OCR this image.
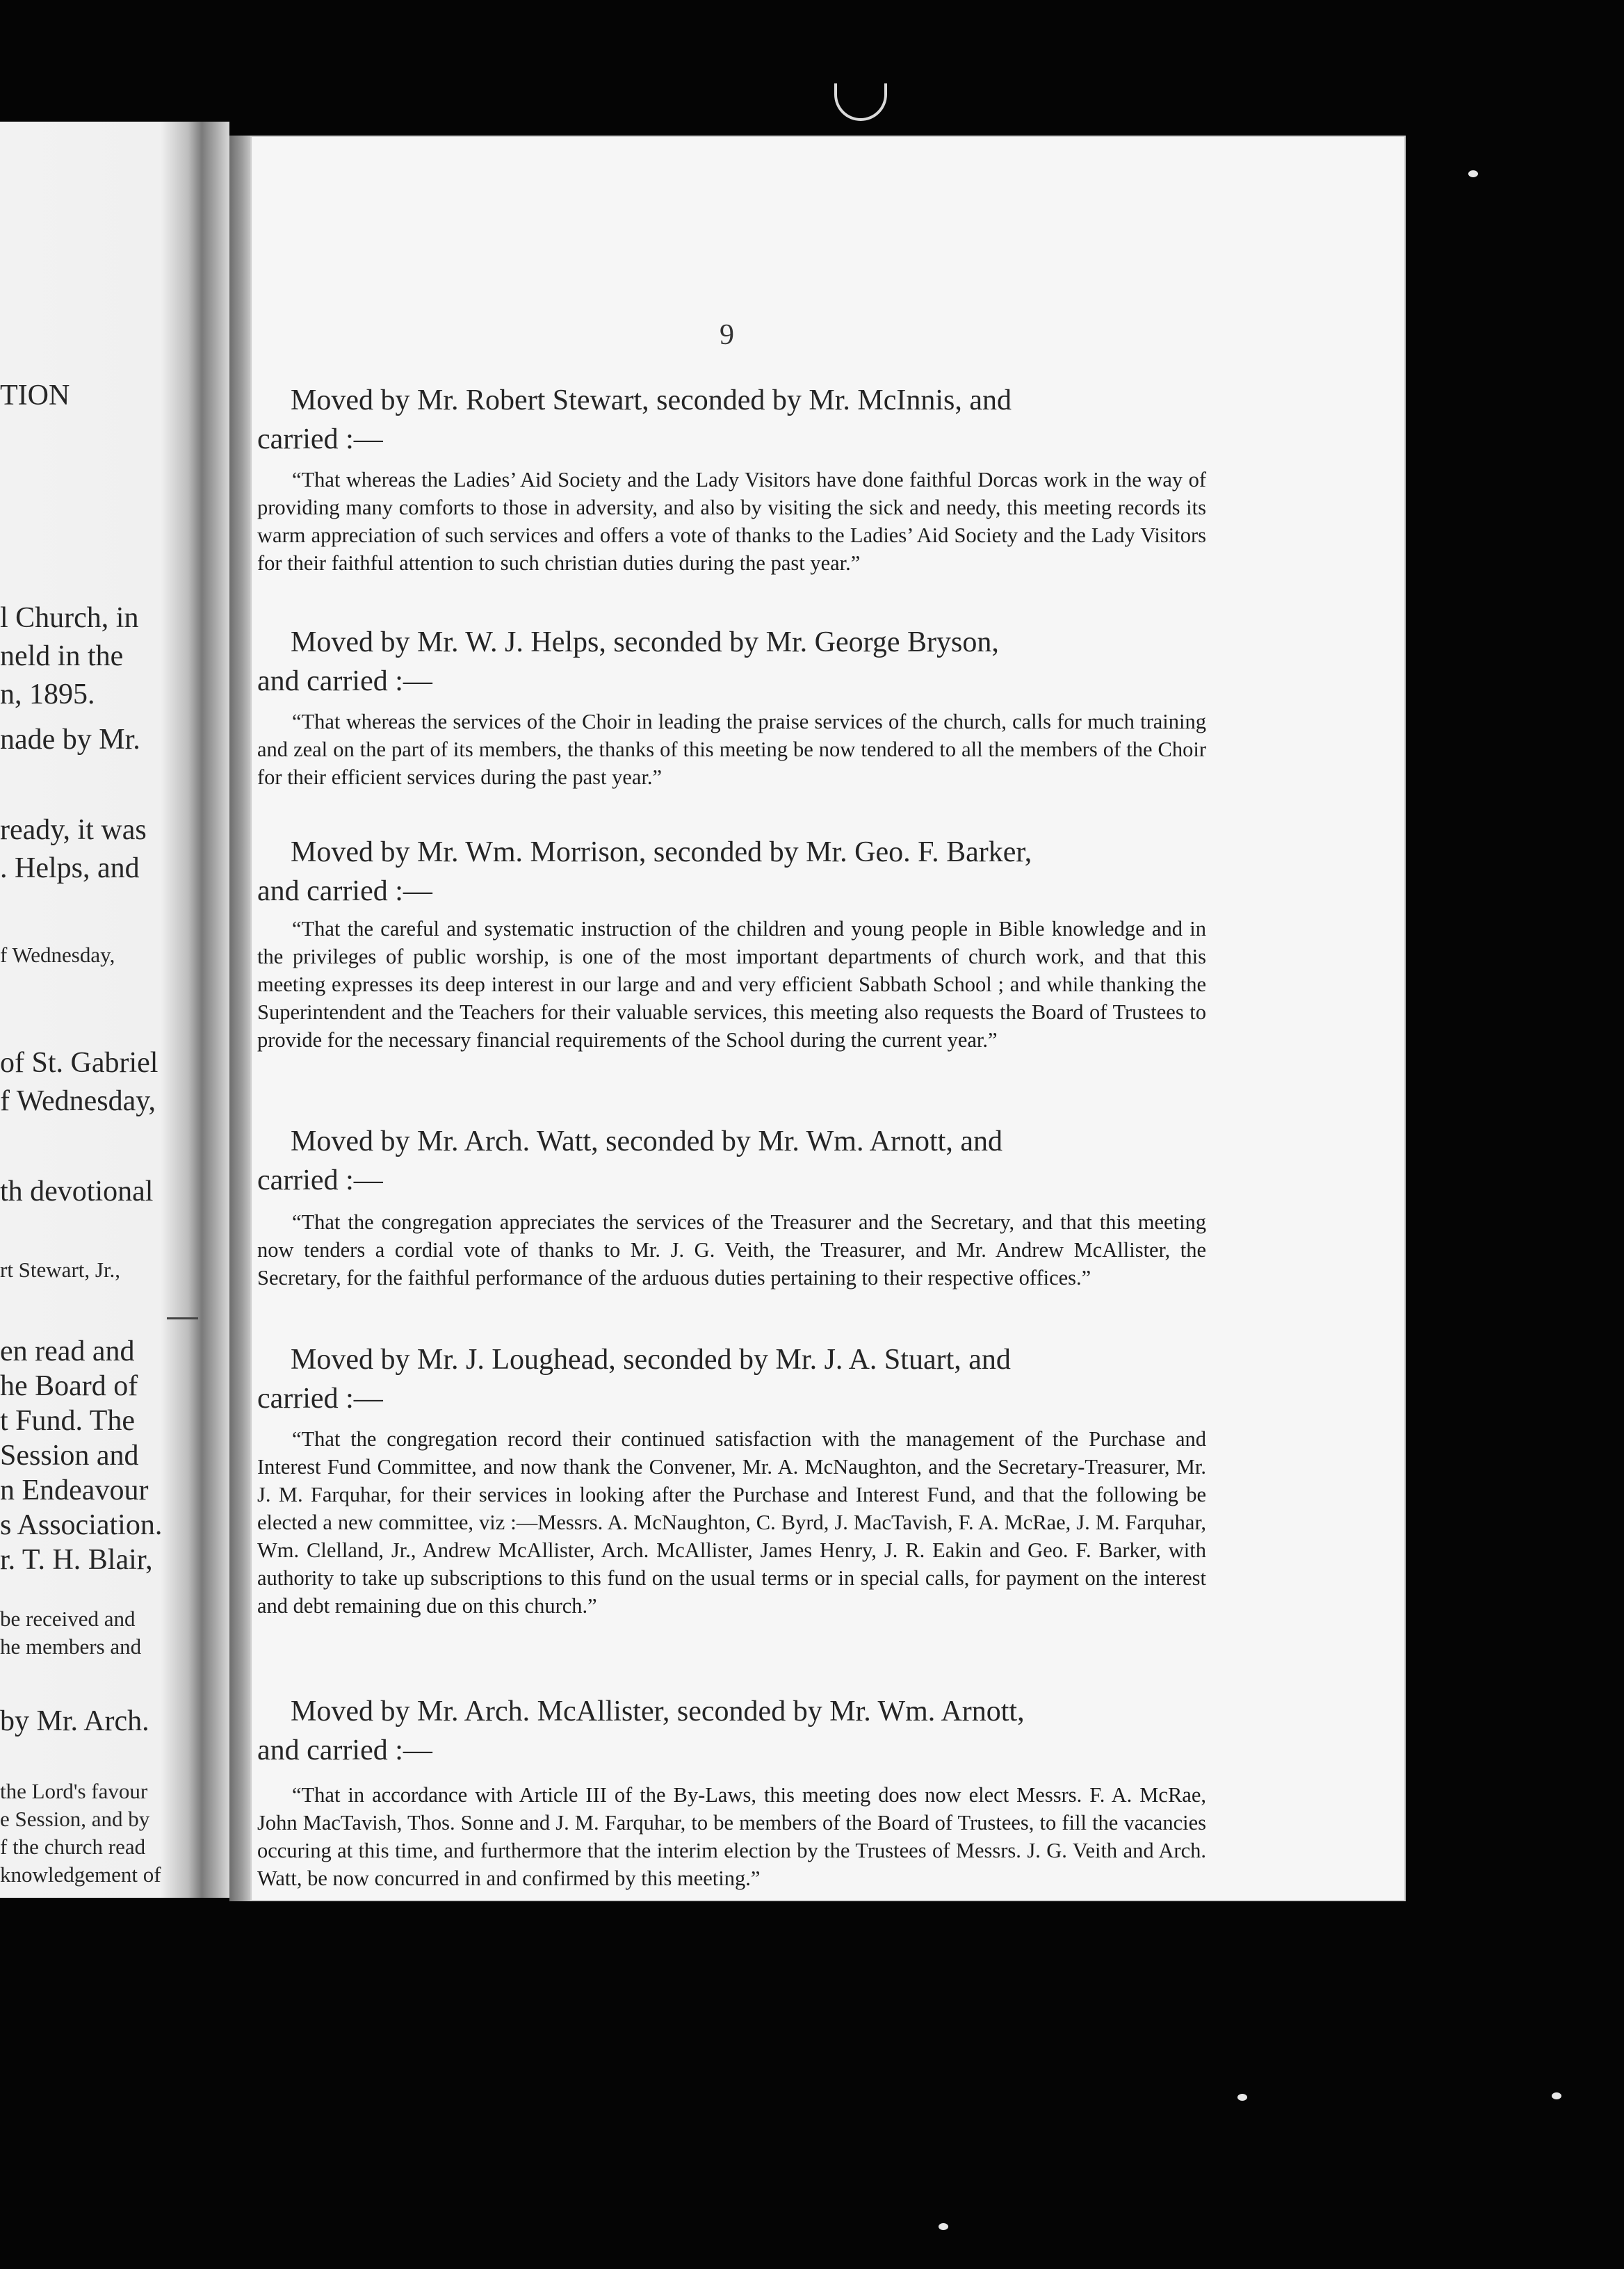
TION
l Church, in
neld in the
n, 1895.
nade by Mr.
ready, it was
. Helps, and
f Wednesday,
of St. Gabriel
f Wednesday,
th devotional
rt Stewart, Jr.,
en read and
he Board of
t Fund. The
Session and
n Endeavour
s Association.
r. T. H. Blair,
be received and
he members and
by Mr. Arch.
the Lord's favour
e Session, and by
f the church read
knowledgement of
9
Moved by Mr. Robert Stewart, seconded by Mr. McInnis, and
carried :—
“That whereas the Ladies’ Aid Society and the Lady Visitors have done faithful Dorcas work in the way of providing many comforts to those in adversity, and also by visiting the sick and needy, this meeting records its warm appreciation of such services and offers a vote of thanks to the Ladies’ Aid Society and the Lady Visitors for their faithful attention to such christian duties during the past year.”
Moved by Mr. W. J. Helps, seconded by Mr. George Bryson,
and carried :—
“That whereas the services of the Choir in leading the praise services of the church, calls for much training and zeal on the part of its members, the thanks of this meeting be now tendered to all the members of the Choir for their efficient services during the past year.”
Moved by Mr. Wm. Morrison, seconded by Mr. Geo. F. Barker,
and carried :—
“That the careful and systematic instruction of the children and young people in Bible knowledge and in the privileges of public worship, is one of the most important departments of church work, and that this meeting expresses its deep interest in our large and and very efficient Sabbath School ; and while thanking the Superintendent and the Teachers for their valuable services, this meeting also requests the Board of Trustees to provide for the necessary financial requirements of the School during the current year.”
Moved by Mr. Arch. Watt, seconded by Mr. Wm. Arnott, and
carried :—
“That the congregation appreciates the services of the Treasurer and the Secretary, and that this meeting now tenders a cordial vote of thanks to Mr. J. G. Veith, the Treasurer, and Mr. Andrew McAllister, the Secretary, for the faithful performance of the arduous duties pertaining to their respective offices.”
Moved by Mr. J. Loughead, seconded by Mr. J. A. Stuart, and
carried :—
“That the congregation record their continued satisfaction with the management of the Purchase and Interest Fund Committee, and now thank the Convener, Mr. A. McNaughton, and the Secretary-Treasurer, Mr. J. M. Farquhar, for their services in looking after the Purchase and Interest Fund, and that the following be elected a new committee, viz :—Messrs. A. McNaughton, C. Byrd, J. MacTavish, F. A. McRae, J. M. Farquhar, Wm. Clelland, Jr., Andrew McAllister, Arch. McAllister, James Henry, J. R. Eakin and Geo. F. Barker, with authority to take up subscriptions to this fund on the usual terms or in special calls, for payment on the interest and debt remaining due on this church.”
Moved by Mr. Arch. McAllister, seconded by Mr. Wm. Arnott,
and carried :—
“That in accordance with Article III of the By-Laws, this meeting does now elect Messrs. F. A. McRae, John MacTavish, Thos. Sonne and J. M. Farquhar, to be members of the Board of Trustees, to fill the vacancies occuring at this time, and furthermore that the interim election by the Trustees of Messrs. J. G. Veith and Arch. Watt, be now concurred in and confirmed by this meeting.”
